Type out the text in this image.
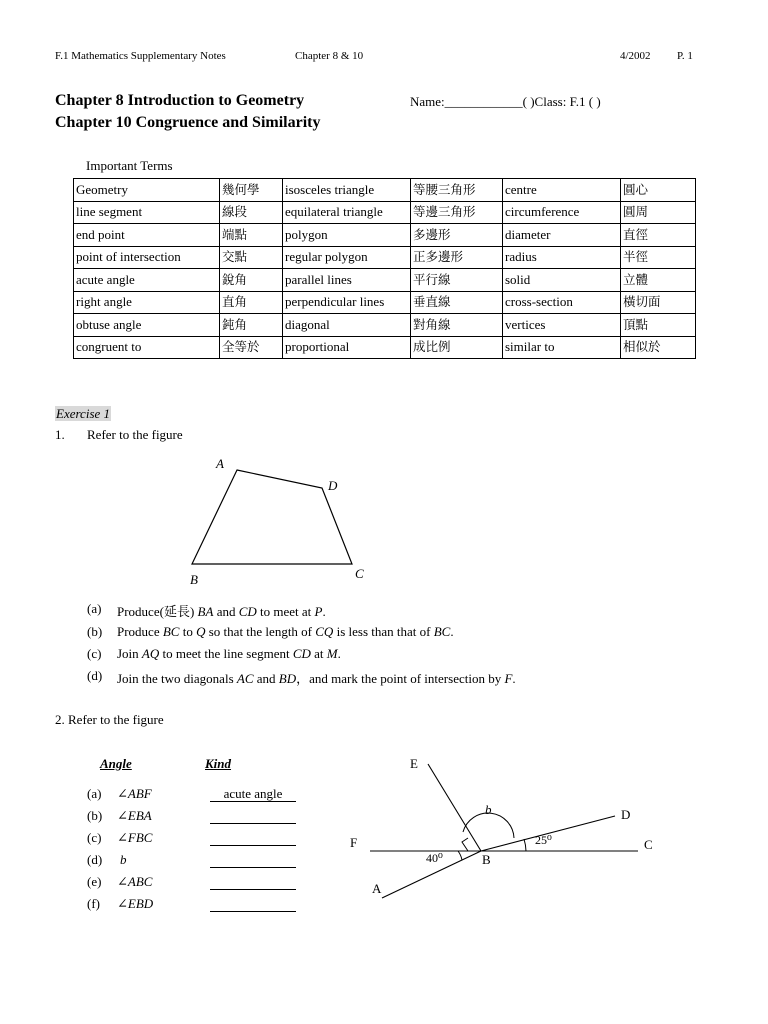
F.1 Mathematics Supplementary Notes	Chapter 8 & 10	4/2002 P. 1
Chapter 8 Introduction to Geometry
Chapter 10 Congruence and Similarity
Name:____________( )Class: F.1 ( )
Important Terms
Geometry	幾何學	isosceles triangle	等腰三角形	centre	圓心
line segment	線段	equilateral triangle	等邊三角形	circumference	圓周
end point	端點	polygon	多邊形	diameter	直徑
point of intersection	交點	regular polygon	正多邊形	radius	半徑
acute angle	銳角	parallel lines	平行線	solid	立體
right angle	直角	perpendicular lines	垂直線	cross-section	橫切面
obtuse angle	鈍角	diagonal	對角線	vertices	頂點
congruent to	全等於	proportional	成比例	similar to	相似於
Exercise 1
1. Refer to the figure
A
D
C
B
(a) Produce(延長) BA and CD to meet at P.
(b) Produce BC to Q so that the length of CQ is less than that of BC.
(c) Join AQ to meet the line segment CD at M.
(d) Join the two diagonals AC and BD，and mark the point of intersection by F.
2. Refer to the figure
Angle	Kind
(a) ∠ABF	acute angle
(b) ∠EBA
(c) ∠FBC
(d) b
(e) ∠ABC
(f) ∠EBD
E
D
F	C
A
B
b
40⁰
25⁰
